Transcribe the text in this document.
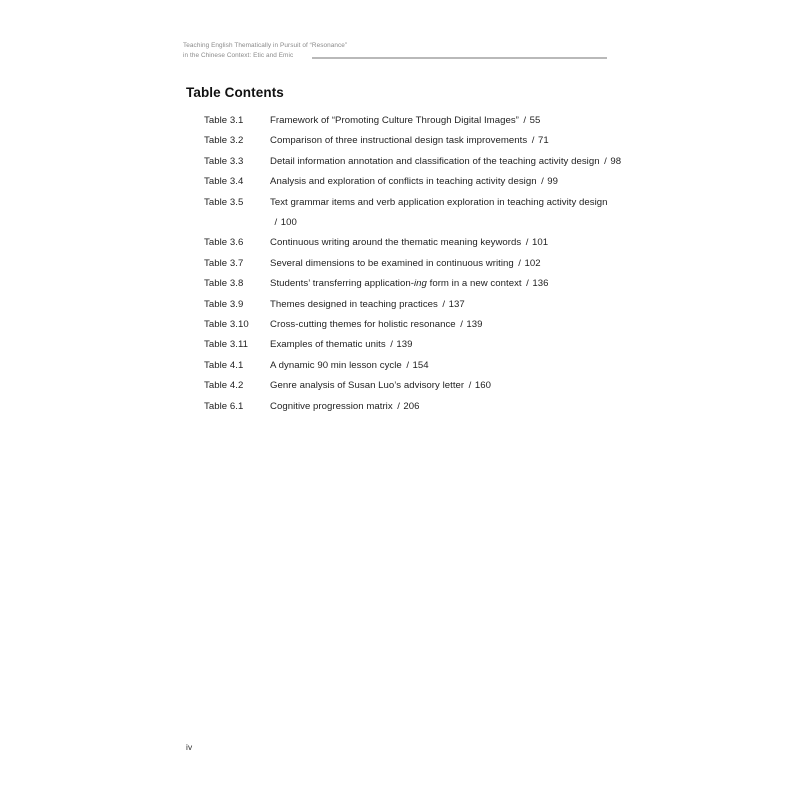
Teaching English Thematically in Pursuit of “Resonance”
in the Chinese Context: Etic and Emic
Table Contents
Table 3.1	Framework of “Promoting Culture Through Digital Images” / 55
Table 3.2	Comparison of three instructional design task improvements / 71
Table 3.3	Detail information annotation and classification of the teaching activity design / 98
Table 3.4	Analysis and exploration of conflicts in teaching activity design / 99
Table 3.5	Text grammar items and verb application exploration in teaching activity design/ 100
Table 3.6	Continuous writing around the thematic meaning keywords / 101
Table 3.7	Several dimensions to be examined in continuous writing / 102
Table 3.8	Students’ transferring application-ing form in a new context / 136
Table 3.9	Themes designed in teaching practices / 137
Table 3.10	Cross-cutting themes for holistic resonance / 139
Table 3.11	Examples of thematic units / 139
Table 4.1	A dynamic 90 min lesson cycle / 154
Table 4.2	Genre analysis of Susan Luo’s advisory letter / 160
Table 6.1	Cognitive progression matrix / 206
iv
